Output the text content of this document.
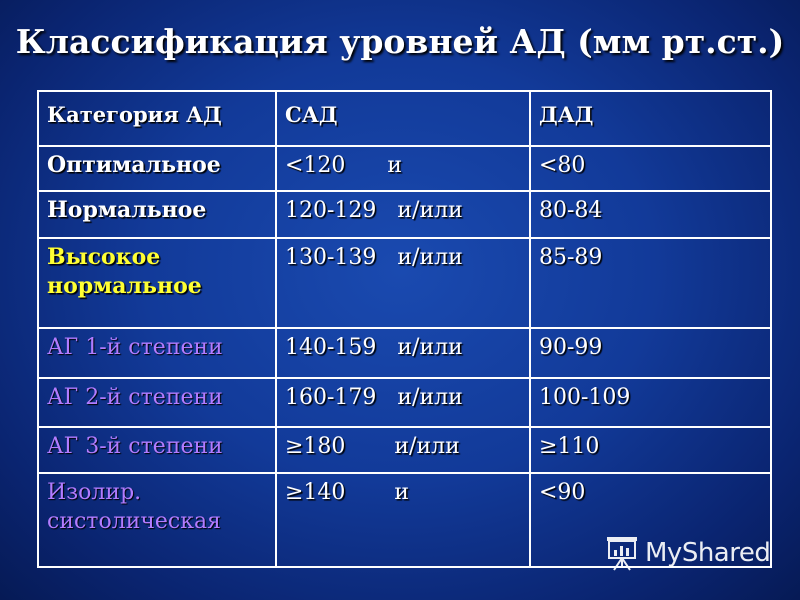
Классификация уровней АД (мм рт.ст.)
Категория АД	САД	ДАД
Оптимальное	<120      и	<80
Нормальное	120-129   и/или	80-84
Высокое нормальное	130-139   и/или	85-89
АГ 1-й степени	140-159   и/или	90-99
АГ 2-й степени	160-179   и/или	100-109
АГ 3-й степени	≥180       и/или	≥110
Изолир. систолическая	≥140       и	<90
MyShared
